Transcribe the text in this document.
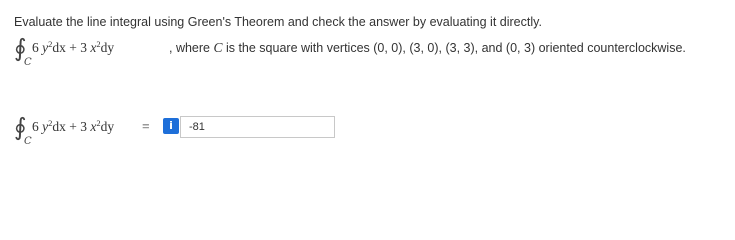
Evaluate the line integral using Green's Theorem and check the answer by evaluating it directly.
∮
C
6 $y^2dx + 3$ $x^2dy$	, where C is the square with vertices (0, 0), (3, 0), (3, 3), and (0, 3) oriented counterclockwise.
∮
C
6 $y^2dx + 3$ $x^2dy$ =	i
-81
